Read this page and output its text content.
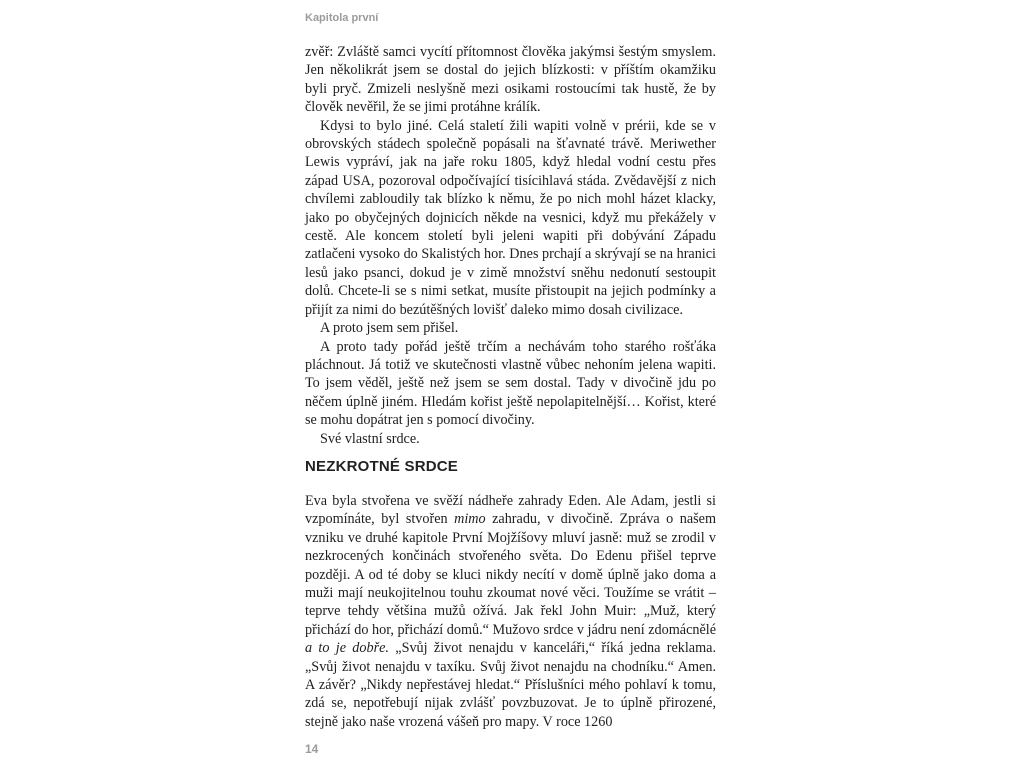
Kapitola první

zvěř: Zvláště samci vycítí přítomnost člověka jakýmsi šestým smyslem. Jen několikrát jsem se dostal do jejich blízkosti: v příštím okamžiku byli pryč. Zmizeli neslyšně mezi osikami rostoucími tak hustě, že by člověk nevěřil, že se jimi protáhne králík.

Kdysi to bylo jiné. Celá staletí žili wapiti volně v prérii, kde se v obrovských stádech společně popásali na šťavnaté trávě. Meriwether Lewis vypráví, jak na jaře roku 1805, když hledal vodní cestu přes západ USA, pozoroval odpočívající tisícihlavá stáda. Zvědavější z nich chvílemi zabloudily tak blízko k němu, že po nich mohl házet klacky, jako po obyčejných dojnicích někde na vesnici, když mu překážely v cestě. Ale koncem století byli jeleni wapiti při dobývání Západu zatlačeni vysoko do Skalistých hor. Dnes prchají a skrývají se na hranici lesů jako psanci, dokud je v zimě množství sněhu nedonutí sestoupit dolů. Chcete-li se s nimi setkat, musíte přistoupit na jejich podmínky a přijít za nimi do bezútěšných lovišť daleko mimo dosah civilizace.

A proto jsem sem přišel.

A proto tady pořád ještě trčím a nechávám toho starého rošťáka pláchnout. Já totiž ve skutečnosti vlastně vůbec nehoním jelena wapiti. To jsem věděl, ještě než jsem se sem dostal. Tady v divočině jdu po něčem úplně jiném. Hledám kořist ještě nepolapitelnější… Kořist, které se mohu dopátrat jen s pomocí divočiny.

Své vlastní srdce.

NEZKROTNÉ SRDCE

Eva byla stvořena ve svěží nádheře zahrady Eden. Ale Adam, jestli si vzpomínáte, byl stvořen mimo zahradu, v divočině. Zpráva o našem vzniku ve druhé kapitole První Mojžíšovy mluví jasně: muž se zrodil v nezkrocených končinách stvořeného světa. Do Edenu přišel teprve později. A od té doby se kluci nikdy necítí v domě úplně jako doma a muži mají neukojitelnou touhu zkoumat nové věci. Toužíme se vrátit – teprve tehdy většina mužů ožívá. Jak řekl John Muir: „Muž, který přichází do hor, přichází domů.“ Mužovo srdce v jádru není zdomácnělé a to je dobře. „Svůj život nenajdu v kanceláři,“ říká jedna reklama. „Svůj život nenajdu v taxíku. Svůj život nenajdu na chodníku.“ Amen. A závěr? „Nikdy nepřestávej hledat.“ Příslušníci mého pohlaví k tomu, zdá se, nepotřebují nijak zvlášť povzbuzovat. Je to úplně přirozené, stejně jako naše vrozená vášeň pro mapy. V roce 1260

14
